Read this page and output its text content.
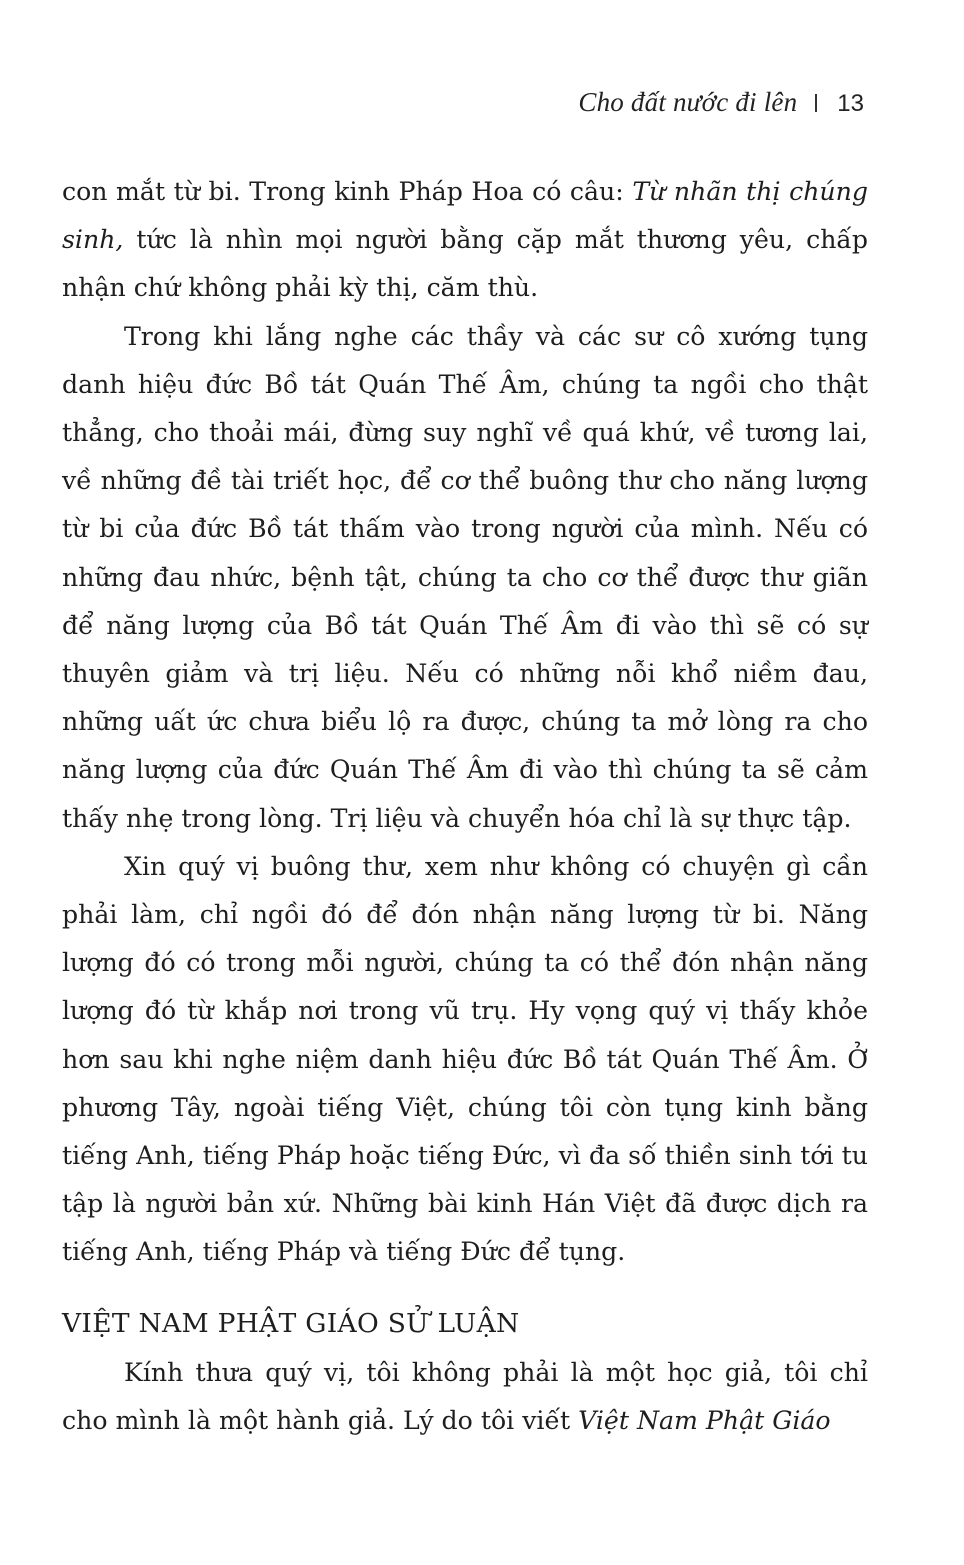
Cho đất nước đi lên 13

con mắt từ bi. Trong kinh Pháp Hoa có câu: Từ nhãn thị chúng sinh, tức là nhìn mọi người bằng cặp mắt thương yêu, chấp nhận chứ không phải kỳ thị, căm thù.

Trong khi lắng nghe các thầy và các sư cô xướng tụng danh hiệu đức Bồ tát Quán Thế Âm, chúng ta ngồi cho thật thẳng, cho thoải mái, đừng suy nghĩ về quá khứ, về tương lai, về những đề tài triết học, để cơ thể buông thư cho năng lượng từ bi của đức Bồ tát thấm vào trong người của mình. Nếu có những đau nhức, bệnh tật, chúng ta cho cơ thể được thư giãn để năng lượng của Bồ tát Quán Thế Âm đi vào thì sẽ có sự thuyên giảm và trị liệu. Nếu có những nỗi khổ niềm đau, những uất ức chưa biểu lộ ra được, chúng ta mở lòng ra cho năng lượng của đức Quán Thế Âm đi vào thì chúng ta sẽ cảm thấy nhẹ trong lòng. Trị liệu và chuyển hóa chỉ là sự thực tập.

Xin quý vị buông thư, xem như không có chuyện gì cần phải làm, chỉ ngồi đó để đón nhận năng lượng từ bi. Năng lượng đó có trong mỗi người, chúng ta có thể đón nhận năng lượng đó từ khắp nơi trong vũ trụ. Hy vọng quý vị thấy khỏe hơn sau khi nghe niệm danh hiệu đức Bồ tát Quán Thế Âm. Ở phương Tây, ngoài tiếng Việt, chúng tôi còn tụng kinh bằng tiếng Anh, tiếng Pháp hoặc tiếng Đức, vì đa số thiền sinh tới tu tập là người bản xứ. Những bài kinh Hán Việt đã được dịch ra tiếng Anh, tiếng Pháp và tiếng Đức để tụng.

VIỆT NAM PHẬT GIÁO SỬ LUẬN

Kính thưa quý vị, tôi không phải là một học giả, tôi chỉ cho mình là một hành giả. Lý do tôi viết Việt Nam Phật Giáo
